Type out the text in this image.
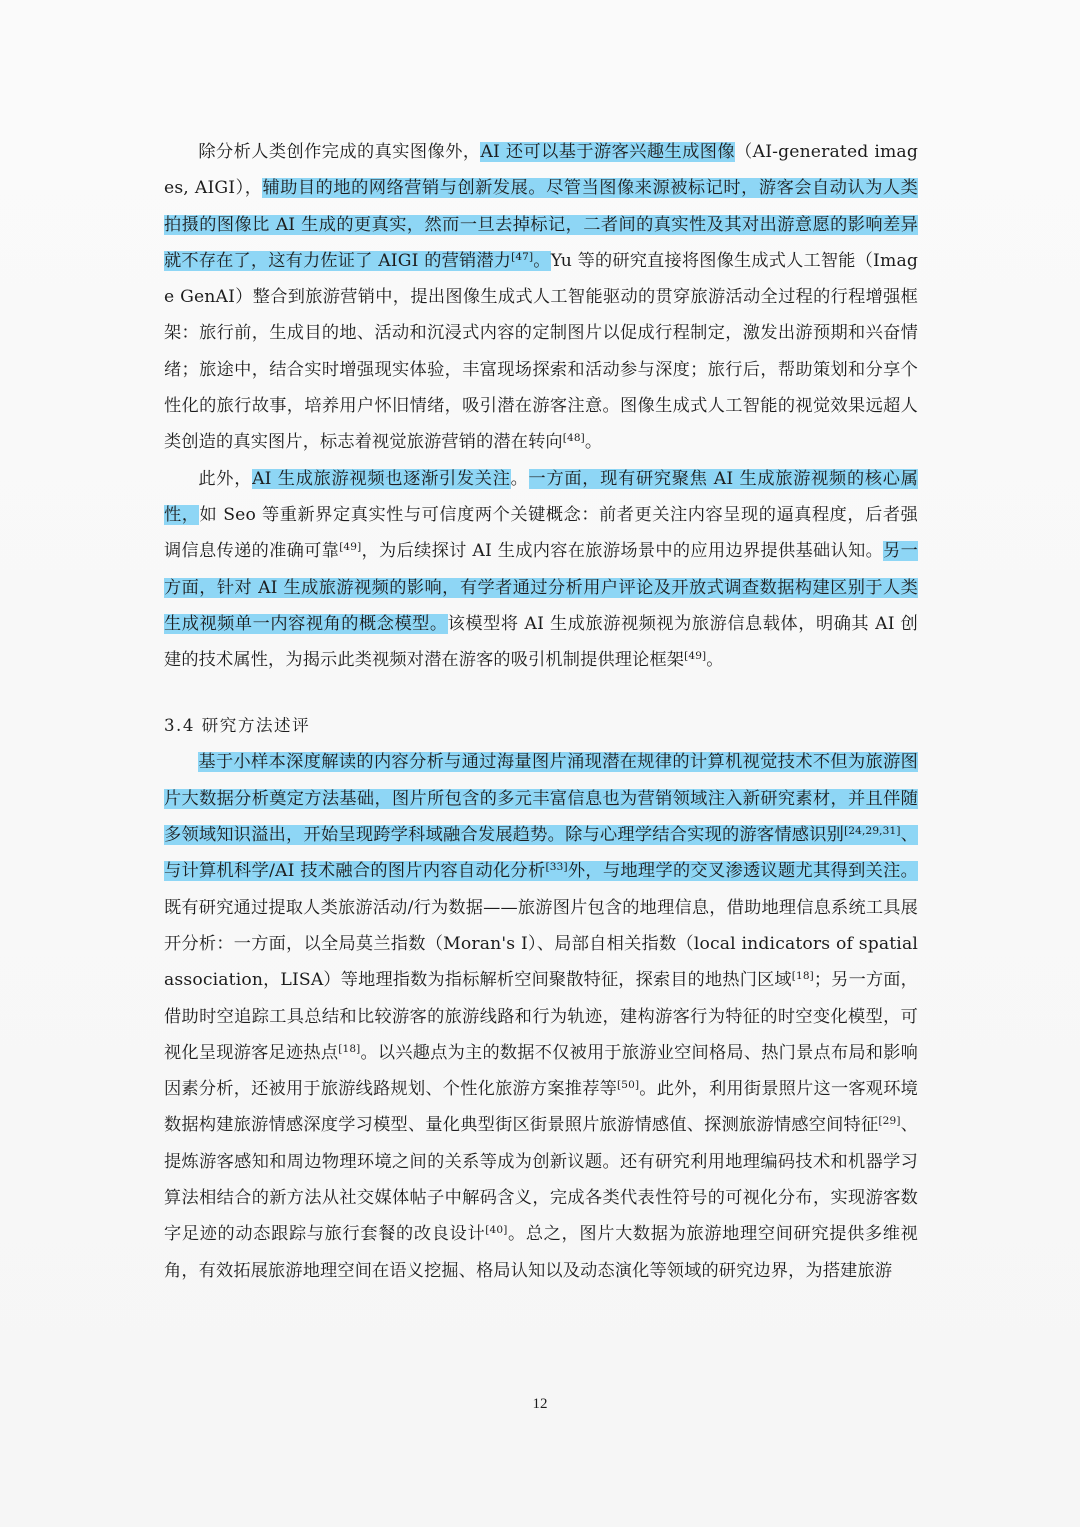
除分析人类创作完成的真实图像外，AI 还可以基于游客兴趣生成图像（AI-generated images, AIGI），辅助目的地的网络营销与创新发展。尽管当图像来源被标记时，游客会自动认为人类拍摄的图像比 AI 生成的更真实，然而一旦去掉标记，二者间的真实性及其对出游意愿的影响差异就不存在了，这有力佐证了 AIGI 的营销潜力[47]。Yu 等的研究直接将图像生成式人工智能（Image GenAI）整合到旅游营销中，提出图像生成式人工智能驱动的贯穿旅游活动全过程的行程增强框架：旅行前，生成目的地、活动和沉浸式内容的定制图片以促成行程制定，激发出游预期和兴奋情绪；旅途中，结合实时增强现实体验，丰富现场探索和活动参与深度；旅行后，帮助策划和分享个性化的旅行故事，培养用户怀旧情绪，吸引潜在游客注意。图像生成式人工智能的视觉效果远超人类创造的真实图片，标志着视觉旅游营销的潜在转向[48]。

此外，AI 生成旅游视频也逐渐引发关注。一方面，现有研究聚焦 AI 生成旅游视频的核心属性，如 Seo 等重新界定真实性与可信度两个关键概念：前者更关注内容呈现的逼真程度，后者强调信息传递的准确可靠[49]，为后续探讨 AI 生成内容在旅游场景中的应用边界提供基础认知。另一方面，针对 AI 生成旅游视频的影响，有学者通过分析用户评论及开放式调查数据构建区别于人类生成视频单一内容视角的概念模型。该模型将 AI 生成旅游视频视为旅游信息载体，明确其 AI 创建的技术属性，为揭示此类视频对潜在游客的吸引机制提供理论框架[49]。

3.4 研究方法述评

基于小样本深度解读的内容分析与通过海量图片涌现潜在规律的计算机视觉技术不但为旅游图片大数据分析奠定方法基础，图片所包含的多元丰富信息也为营销领域注入新研究素材，并且伴随多领域知识溢出，开始呈现跨学科域融合发展趋势。除与心理学结合实现的游客情感识别[24,29,31]、与计算机科学/AI 技术融合的图片内容自动化分析[33]外，与地理学的交叉渗透议题尤其得到关注。既有研究通过提取人类旅游活动/行为数据——旅游图片包含的地理信息，借助地理信息系统工具展开分析：一方面，以全局莫兰指数（Moran's I）、局部自相关指数（local indicators of spatial association，LISA）等地理指数为指标解析空间聚散特征，探索目的地热门区域[18]；另一方面，借助时空追踪工具总结和比较游客的旅游线路和行为轨迹，建构游客行为特征的时空变化模型，可视化呈现游客足迹热点[18]。以兴趣点为主的数据不仅被用于旅游业空间格局、热门景点布局和影响因素分析，还被用于旅游线路规划、个性化旅游方案推荐等[50]。此外，利用街景照片这一客观环境数据构建旅游情感深度学习模型、量化典型街区街景照片旅游情感值、探测旅游情感空间特征[29]、提炼游客感知和周边物理环境之间的关系等成为创新议题。还有研究利用地理编码技术和机器学习算法相结合的新方法从社交媒体帖子中解码含义，完成各类代表性符号的可视化分布，实现游客数字足迹的动态跟踪与旅行套餐的改良设计[40]。总之，图片大数据为旅游地理空间研究提供多维视角，有效拓展旅游地理空间在语义挖掘、格局认知以及动态演化等领域的研究边界，为搭建旅游

12
